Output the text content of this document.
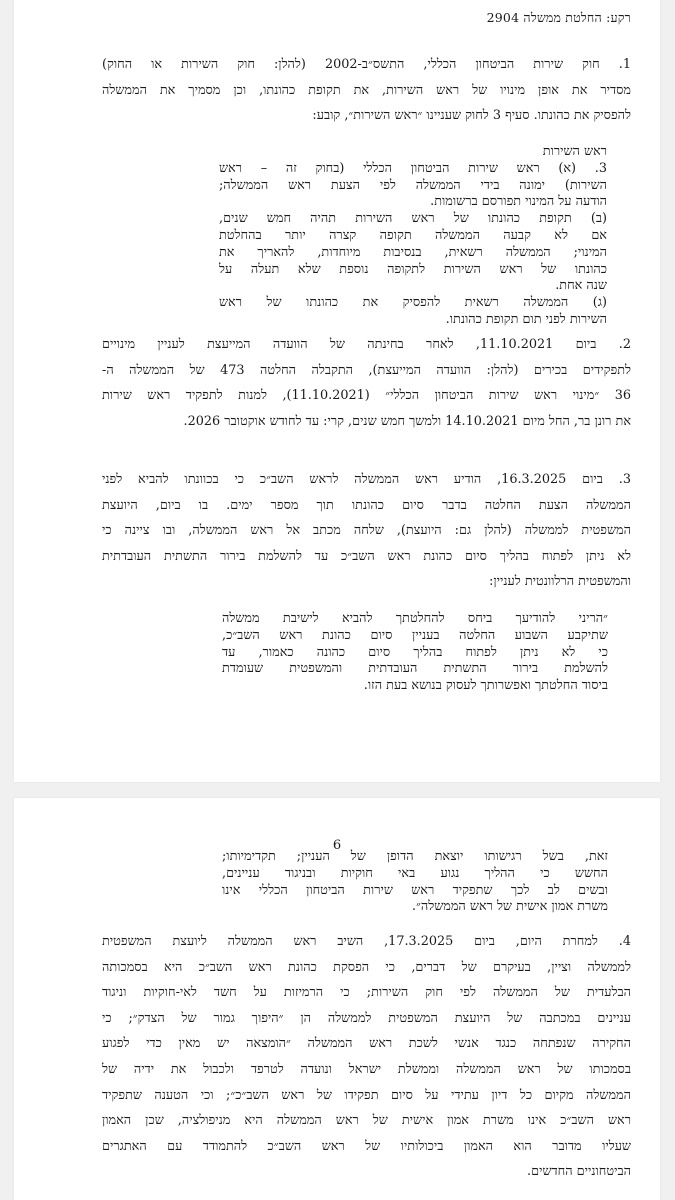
רקע: החלטת ממשלה 2904
1. חוק שירות הביטחון הכללי, התשס״ב-2002 (להלן: חוק השירות או החוק)
מסדיר את אופן מינויו של ראש השירות, את תקופת כהונתו, וכן מסמיך את הממשלה
להפסיק את כהונתו. סעיף 3 לחוק שעניינו ״ראש השירות״, קובע:
ראש השירות
3. (א) ראש שירות הביטחון הכללי (בחוק זה – ראש
השירות) ימונה בידי הממשלה לפי הצעת ראש הממשלה;
הודעה על המינוי תפורסם ברשומות.
(ב) תקופת כהונתו של ראש השירות תהיה חמש שנים,
אם לא קבעה הממשלה תקופה קצרה יותר בהחלטת
המינוי; הממשלה רשאית, בנסיבות מיוחדות, להאריך את
כהונתו של ראש השירות לתקופה נוספת שלא תעלה על
שנה אחת.
(ג) הממשלה רשאית להפסיק את כהונתו של ראש
השירות לפני תום תקופת כהונתו.
2. ביום 11.10.2021, לאחר בחינתה של הוועדה המייעצת לעניין מינויים
לתפקידים בכירים (להלן: הוועדה המייעצת), התקבלה החלטה 473 של הממשלה ה-
36 ״מינוי ראש שירות הביטחון הכללי״ (11.10.2021), למנות לתפקיד ראש שירות
את רונן בר, החל מיום 14.10.2021 ולמשך חמש שנים, קרי: עד לחודש אוקטובר 2026.
3. ביום 16.3.2025, הודיע ראש הממשלה לראש השב״כ כי בכוונתו להביא לפני
הממשלה הצעת החלטה בדבר סיום כהונתו תוך מספר ימים. בו ביום, היועצת
המשפטית לממשלה (להלן גם: היועצת), שלחה מכתב אל ראש הממשלה, ובו ציינה כי
לא ניתן לפתוח בהליך סיום כהונת ראש השב״כ עד להשלמת בירור התשתית העובדתית
והמשפטית הרלוונטית לעניין:
״הריני להודיעך ביחס להחלטתך להביא לישיבת ממשלה
שתיקבע השבוע החלטה בעניין סיום כהונת ראש השב״כ,
כי לא ניתן לפתוח בהליך סיום כהונה כאמור, עד
להשלמת בירור התשתית העובדתית והמשפטית שעומדת
ביסוד החלטתך ואפשרותך לעסוק בנושא בעת הזו.
6
זאת, בשל רגישותו יוצאת הדופן של העניין; תקדימיותו;
החשש כי ההליך נגוע באי חוקיות ובניגוד עניינים,
ובשים לב לכך שתפקיד ראש שירות הביטחון הכללי אינו
משרת אמון אישית של ראש הממשלה״.
4. למחרת היום, ביום 17.3.2025, השיב ראש הממשלה ליועצת המשפטית
לממשלה וציין, בעיקרם של דברים, כי הפסקת כהונת ראש השב״כ היא בסמכותה
הבלעדית של הממשלה לפי חוק השירות; כי הרמיזות על חשד לאי-חוקיות וניגוד
עניינים במכתבה של היועצת המשפטית לממשלה הן ״היפוך גמור של הצדק״; כי
החקירה שנפתחה כנגד אנשי לשכת ראש הממשלה ״הומצאה יש מאין כדי לפגוע
בסמכותו של ראש הממשלה וממשלת ישראל ונועדה לטרפד ולכבול את ידיה של
הממשלה מקיום כל דיון עתידי על סיום תפקידו של ראש השב״כ״; וכי הטענה שתפקיד
ראש השב״כ אינו משרת אמון אישית של ראש הממשלה היא מניפולציה, שכן האמון
שעליו מדובר הוא האמון ביכולותיו של ראש השב״כ להתמודד עם האתגרים
הביטחוניים החדשים.
